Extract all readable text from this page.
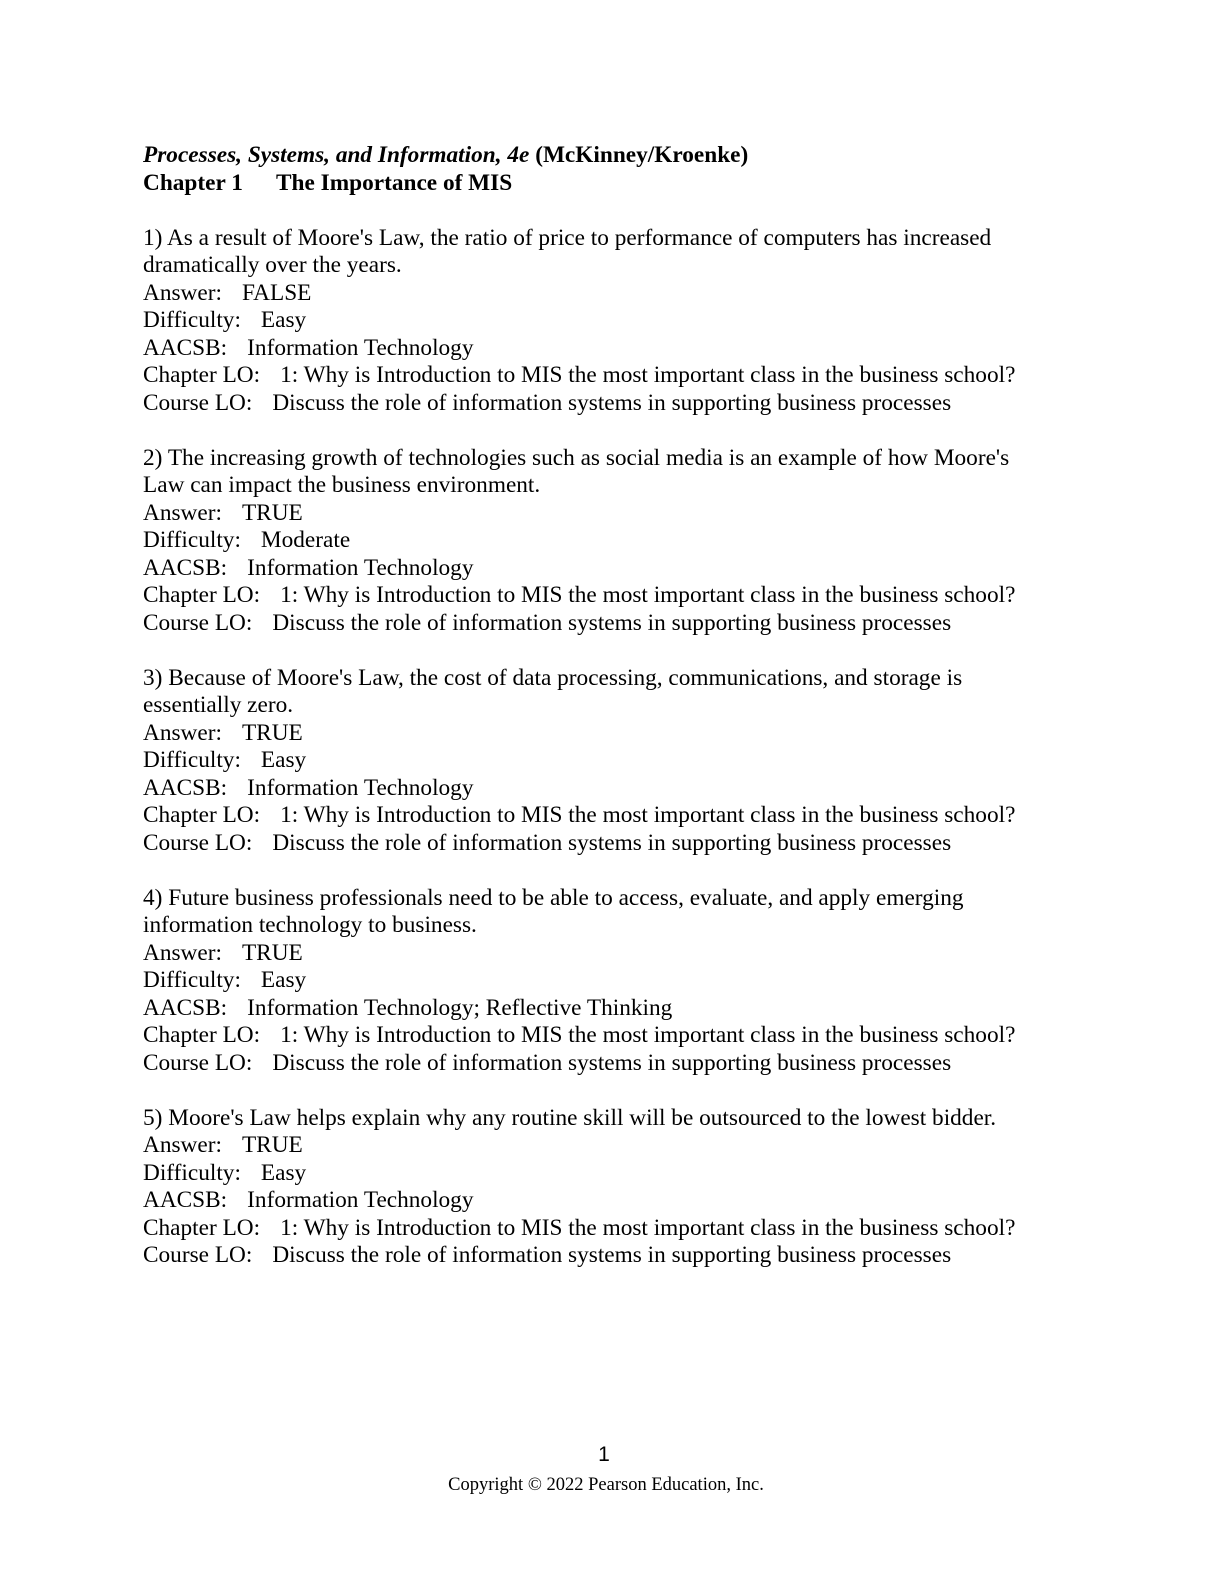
Processes, Systems, and Information, 4e (McKinney/Kroenke)
Chapter 1 The Importance of MIS
1) As a result of Moore's Law, the ratio of price to performance of computers has increased dramatically over the years.
Answer: FALSE
Difficulty: Easy
AACSB: Information Technology
Chapter LO: 1: Why is Introduction to MIS the most important class in the business school?
Course LO: Discuss the role of information systems in supporting business processes
2) The increasing growth of technologies such as social media is an example of how Moore's Law can impact the business environment.
Answer: TRUE
Difficulty: Moderate
AACSB: Information Technology
Chapter LO: 1: Why is Introduction to MIS the most important class in the business school?
Course LO: Discuss the role of information systems in supporting business processes
3) Because of Moore's Law, the cost of data processing, communications, and storage is essentially zero.
Answer: TRUE
Difficulty: Easy
AACSB: Information Technology
Chapter LO: 1: Why is Introduction to MIS the most important class in the business school?
Course LO: Discuss the role of information systems in supporting business processes
4) Future business professionals need to be able to access, evaluate, and apply emerging information technology to business.
Answer: TRUE
Difficulty: Easy
AACSB: Information Technology; Reflective Thinking
Chapter LO: 1: Why is Introduction to MIS the most important class in the business school?
Course LO: Discuss the role of information systems in supporting business processes
5) Moore's Law helps explain why any routine skill will be outsourced to the lowest bidder.
Answer: TRUE
Difficulty: Easy
AACSB: Information Technology
Chapter LO: 1: Why is Introduction to MIS the most important class in the business school?
Course LO: Discuss the role of information systems in supporting business processes
1
Copyright © 2022 Pearson Education, Inc.
